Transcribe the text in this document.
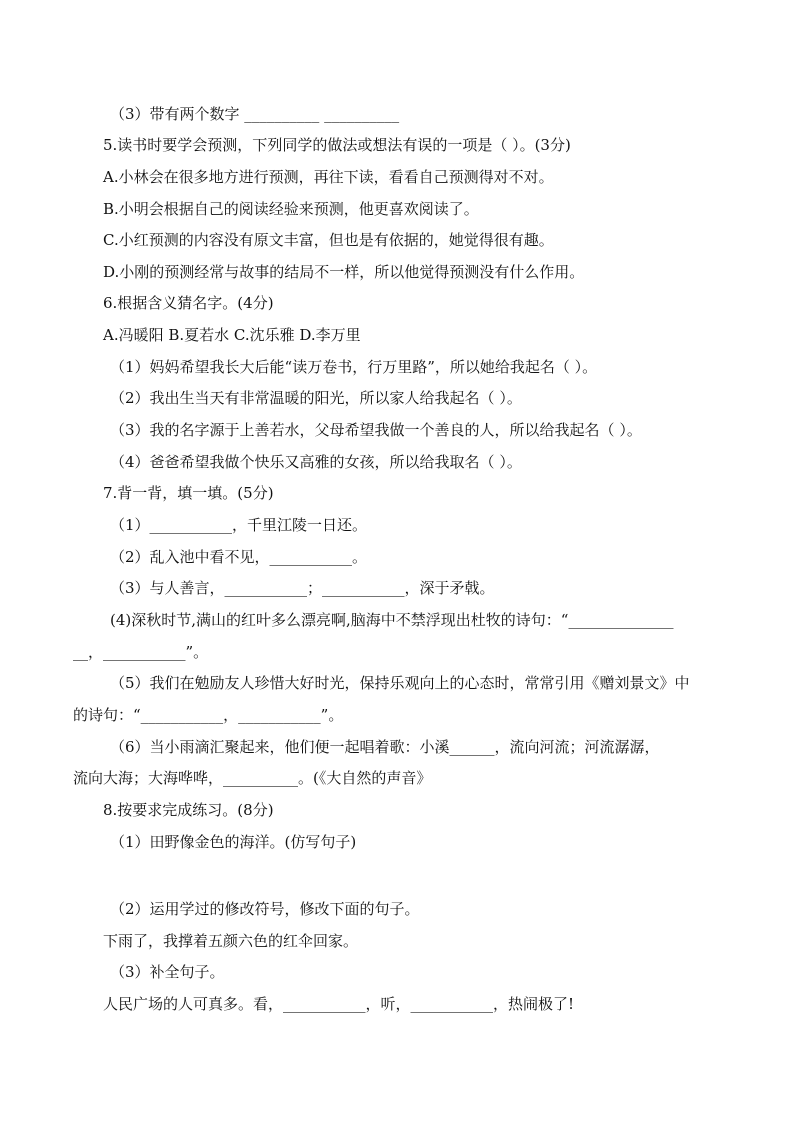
（3）带有两个数字 __________ __________
5.读书时要学会预测，下列同学的做法或想法有误的一项是（ ）。(3分)
A.小林会在很多地方进行预测，再往下读，看看自己预测得对不对。
B.小明会根据自己的阅读经验来预测，他更喜欢阅读了。
C.小红预测的内容没有原文丰富，但也是有依据的，她觉得很有趣。
D.小刚的预测经常与故事的结局不一样，所以他觉得预测没有什么作用。
6.根据含义猜名字。(4分)
A.冯暖阳 B.夏若水 C.沈乐雅 D.李万里
（1）妈妈希望我长大后能“读万卷书，行万里路”，所以她给我起名（ ）。
（2）我出生当天有非常温暖的阳光，所以家人给我起名（ ）。
（3）我的名字源于上善若水，父母希望我做一个善良的人，所以给我起名（ ）。
（4）爸爸希望我做个快乐又高雅的女孩，所以给我取名（ ）。
7.背一背，填一填。(5分)
（1）___________，千里江陵一日还。
（2）乱入池中看不见，___________。
（3）与人善言，___________；___________，深于矛戟。
(4)深秋时节,满山的红叶多么漂亮啊,脑海中不禁浮现出杜牧的诗句：“______________
__，___________”。
（5）我们在勉励友人珍惜大好时光，保持乐观向上的心态时，常常引用《赠刘景文》中
的诗句：“___________，___________”。
（6）当小雨滴汇聚起来，他们便一起唱着歌：小溪______，流向河流；河流潺潺，
流向大海；大海哗哗，__________。(《大自然的声音》
8.按要求完成练习。(8分)
（1）田野像金色的海洋。(仿写句子)
（2）运用学过的修改符号，修改下面的句子。
下雨了，我撑着五颜六色的红伞回家。
（3）补全句子。
人民广场的人可真多。看，___________，听，___________，热闹极了!
